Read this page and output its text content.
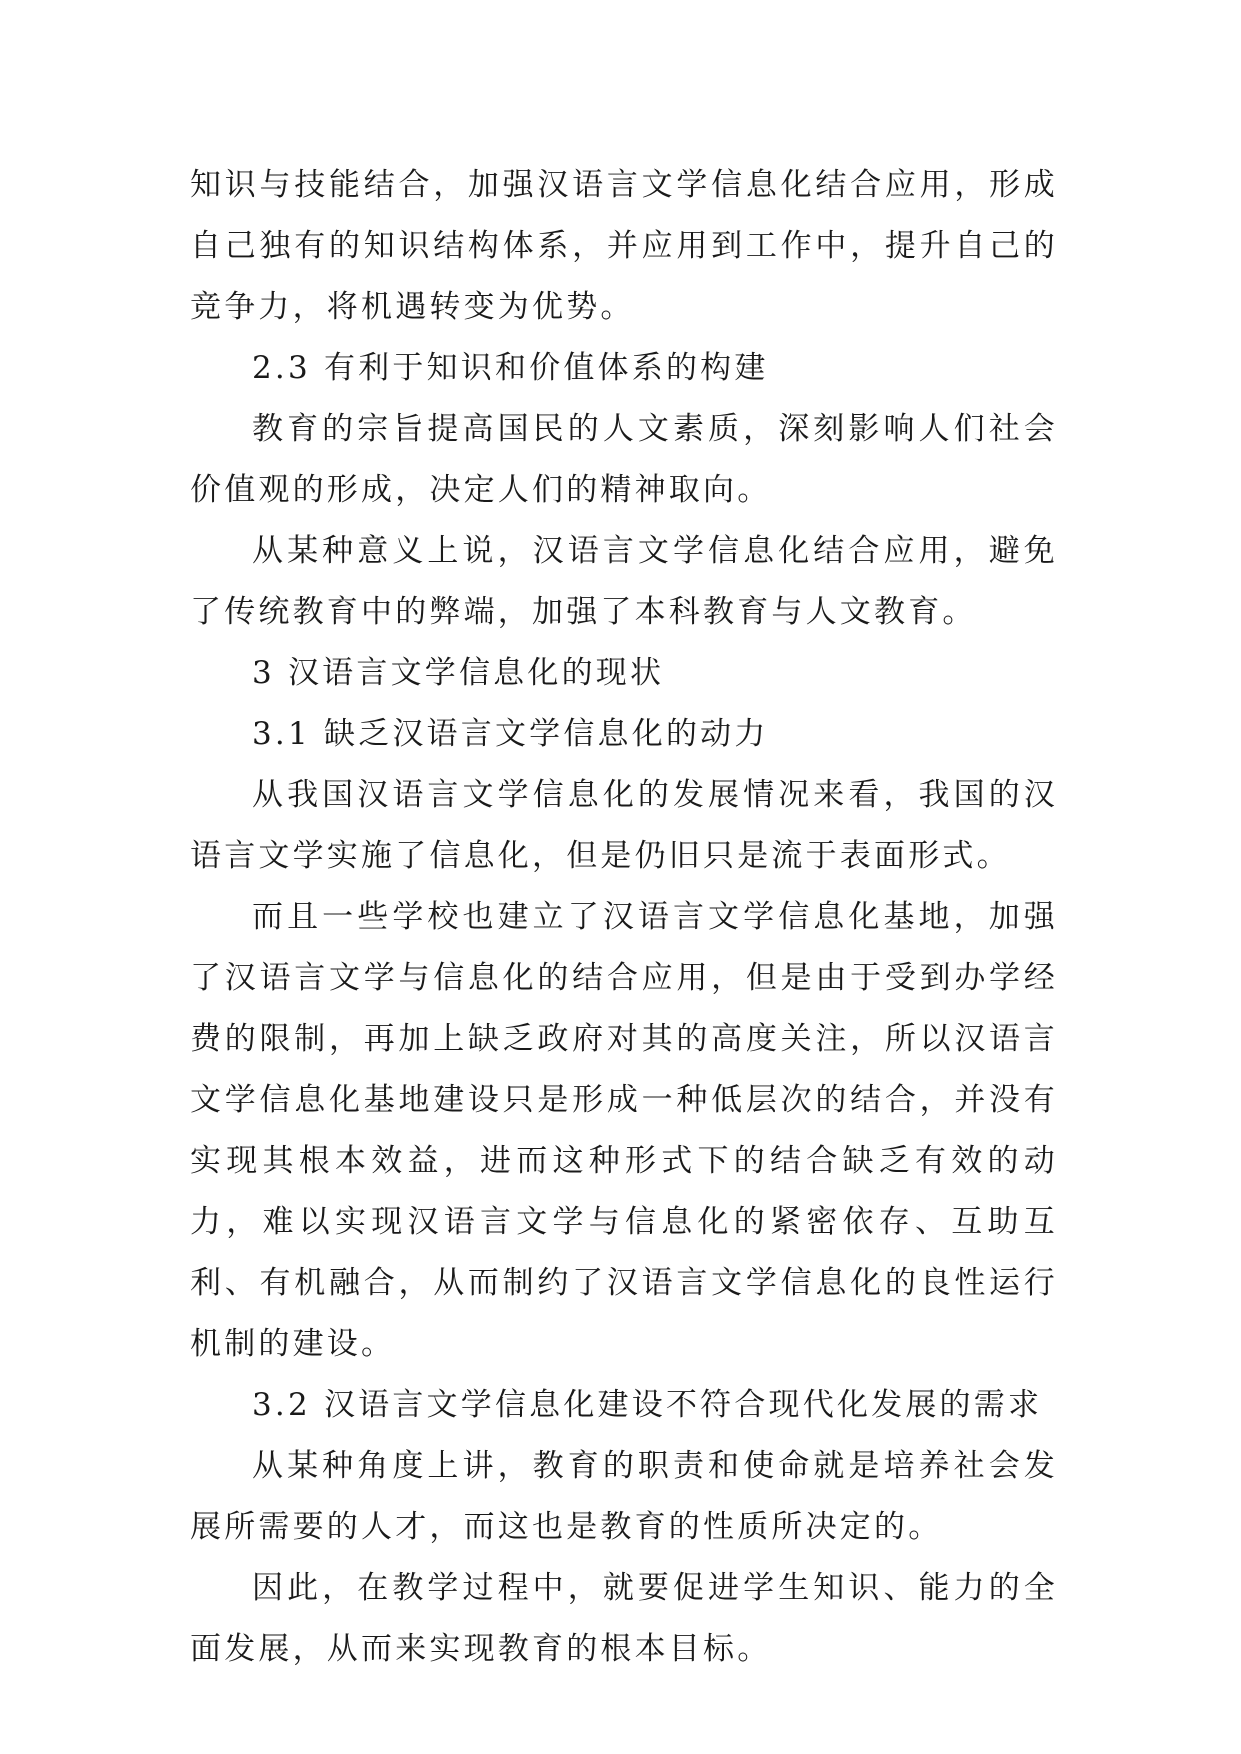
知识与技能结合，加强汉语言文学信息化结合应用，形成自己独有的知识结构体系，并应用到工作中，提升自己的竞争力，将机遇转变为优势。

2.3 有利于知识和价值体系的构建

教育的宗旨提高国民的人文素质，深刻影响人们社会价值观的形成，决定人们的精神取向。

从某种意义上说，汉语言文学信息化结合应用，避免了传统教育中的弊端，加强了本科教育与人文教育。

3 汉语言文学信息化的现状

3.1 缺乏汉语言文学信息化的动力

从我国汉语言文学信息化的发展情况来看，我国的汉语言文学实施了信息化，但是仍旧只是流于表面形式。

而且一些学校也建立了汉语言文学信息化基地，加强了汉语言文学与信息化的结合应用，但是由于受到办学经费的限制，再加上缺乏政府对其的高度关注，所以汉语言文学信息化基地建设只是形成一种低层次的结合，并没有实现其根本效益，进而这种形式下的结合缺乏有效的动力，难以实现汉语言文学与信息化的紧密依存、互助互利、有机融合，从而制约了汉语言文学信息化的良性运行机制的建设。

3.2 汉语言文学信息化建设不符合现代化发展的需求

从某种角度上讲，教育的职责和使命就是培养社会发展所需要的人才，而这也是教育的性质所决定的。

因此，在教学过程中，就要促进学生知识、能力的全面发展，从而来实现教育的根本目标。
